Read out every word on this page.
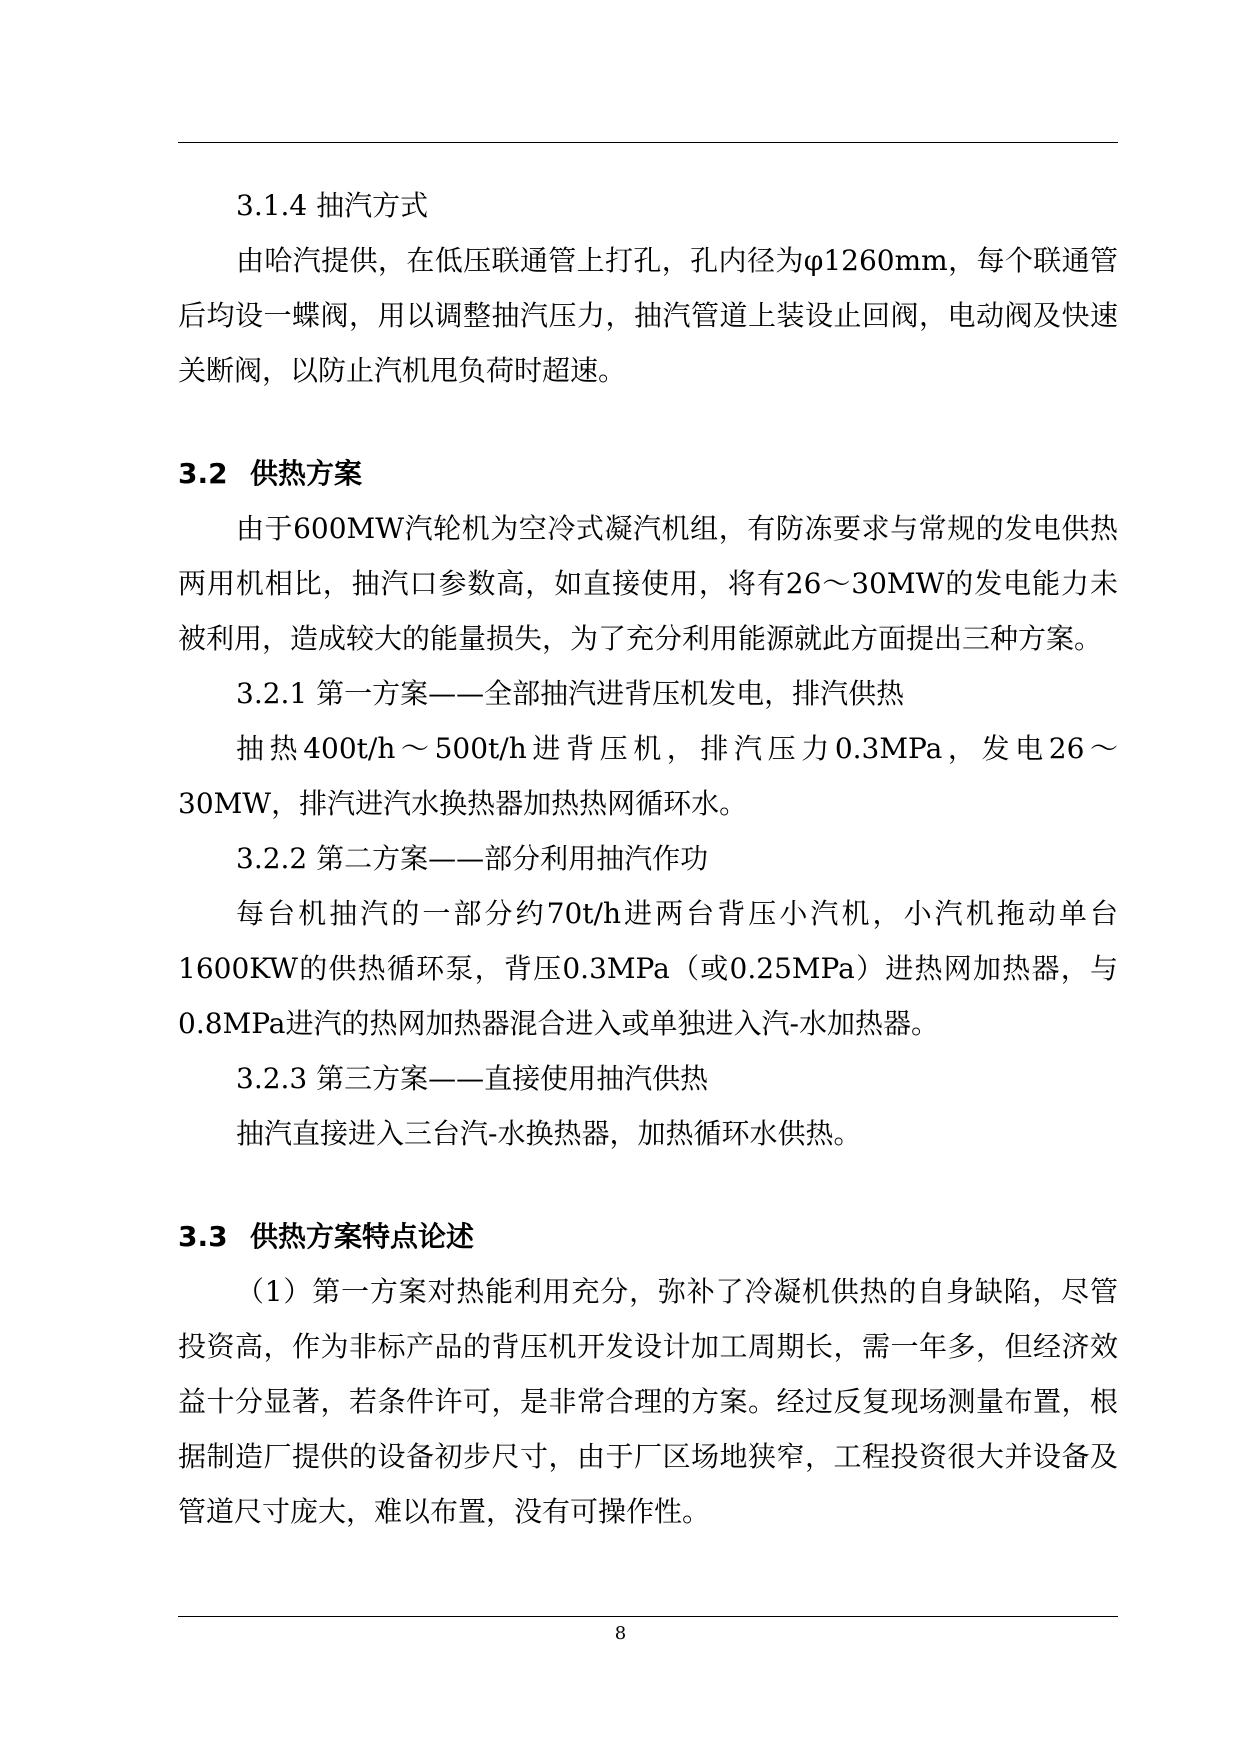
3.1.4 抽汽方式

由哈汽提供，在低压联通管上打孔，孔内径为φ1260mm，每个联通管后均设一蝶阀，用以调整抽汽压力，抽汽管道上装设止回阀，电动阀及快速关断阀，以防止汽机甩负荷时超速。

3.2 供热方案

由于600MW汽轮机为空冷式凝汽机组，有防冻要求与常规的发电供热两用机相比，抽汽口参数高，如直接使用，将有26～30MW的发电能力未被利用，造成较大的能量损失，为了充分利用能源就此方面提出三种方案。

3.2.1 第一方案——全部抽汽进背压机发电，排汽供热

抽热400t/h～500t/h进背压机，排汽压力0.3MPa，发电26～30MW，排汽进汽水换热器加热热网循环水。

3.2.2 第二方案——部分利用抽汽作功

每台机抽汽的一部分约70t/h进两台背压小汽机，小汽机拖动单台1600KW的供热循环泵，背压0.3MPa（或0.25MPa）进热网加热器，与0.8MPa进汽的热网加热器混合进入或单独进入汽-水加热器。

3.2.3 第三方案——直接使用抽汽供热

抽汽直接进入三台汽-水换热器，加热循环水供热。

3.3 供热方案特点论述

（1）第一方案对热能利用充分，弥补了冷凝机供热的自身缺陷，尽管投资高，作为非标产品的背压机开发设计加工周期长，需一年多，但经济效益十分显著，若条件许可，是非常合理的方案。经过反复现场测量布置，根据制造厂提供的设备初步尺寸，由于厂区场地狭窄，工程投资很大并设备及管道尺寸庞大，难以布置，没有可操作性。

8
